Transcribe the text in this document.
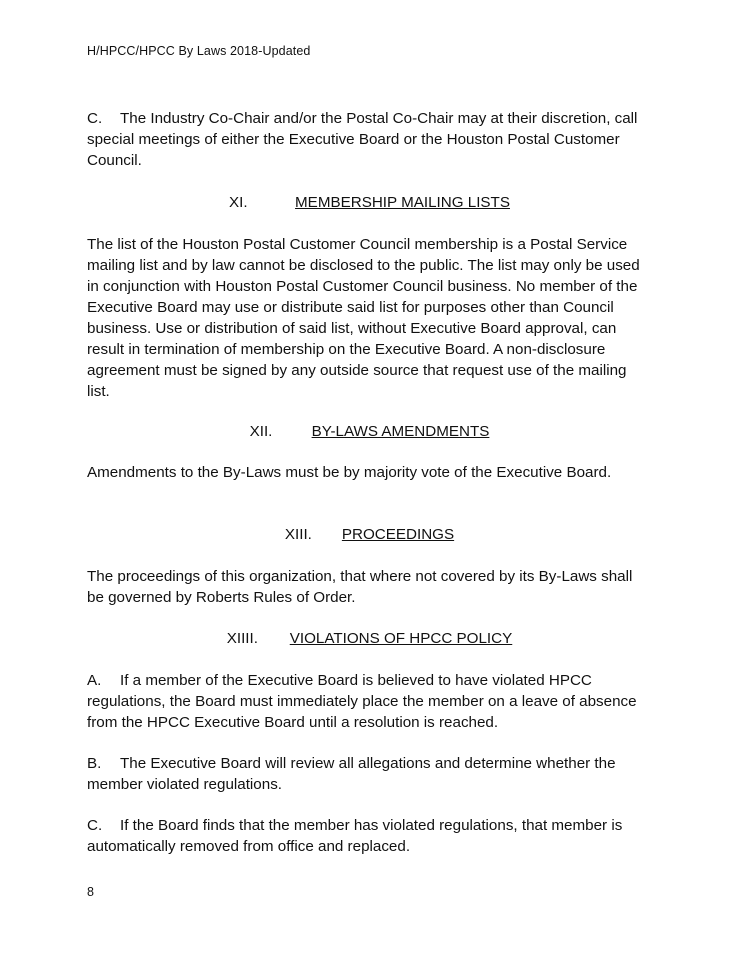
H/HPCC/HPCC By Laws 2018-Updated
C. The Industry Co-Chair and/or the Postal Co-Chair may at their discretion, call special meetings of either the Executive Board or the Houston Postal Customer Council.
XI.	MEMBERSHIP MAILING LISTS
The list of the Houston Postal Customer Council membership is a Postal Service mailing list and by law cannot be disclosed to the public. The list may only be used in conjunction with Houston Postal Customer Council business. No member of the Executive Board may use or distribute said list for purposes other than Council business. Use or distribution of said list, without Executive Board approval, can result in termination of membership on the Executive Board. A non-disclosure agreement must be signed by any outside source that request use of the mailing list.
XII.	BY-LAWS AMENDMENTS
Amendments to the By-Laws must be by majority vote of the Executive Board.
XIII. PROCEEDINGS
The proceedings of this organization, that where not covered by its By-Laws shall be governed by Roberts Rules of Order.
XIIII. VIOLATIONS OF HPCC POLICY
A. If a member of the Executive Board is believed to have violated HPCC regulations, the Board must immediately place the member on a leave of absence from the HPCC Executive Board until a resolution is reached.
B. The Executive Board will review all allegations and determine whether the member violated regulations.
C. If the Board finds that the member has violated regulations, that member is automatically removed from office and replaced.
8
